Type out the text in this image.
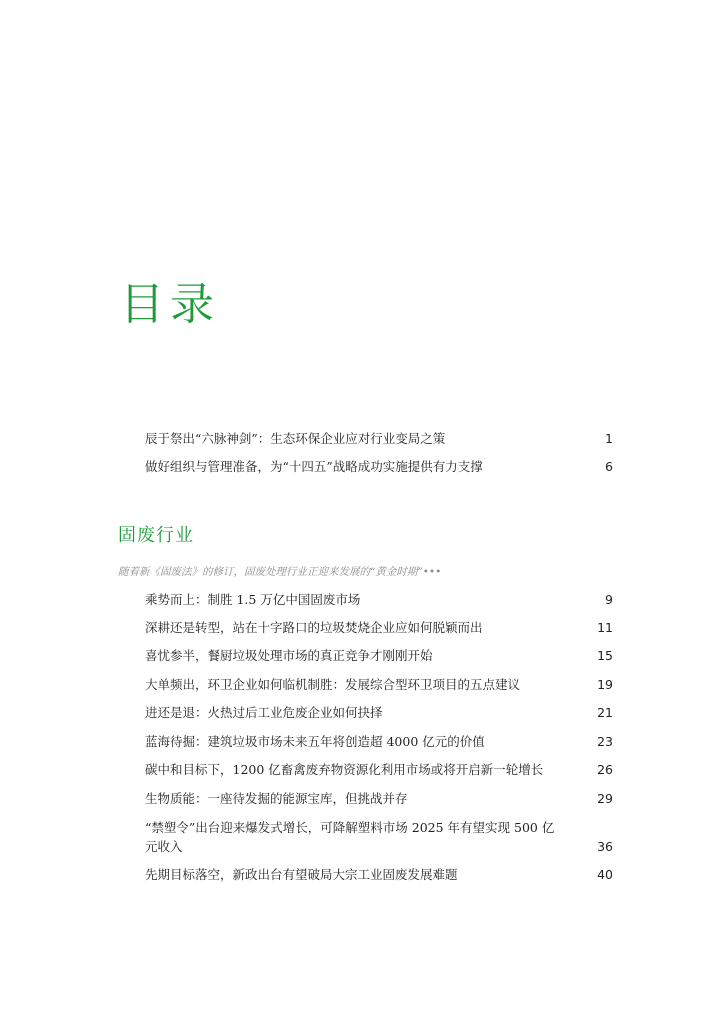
目录
辰于祭出“六脉神剑”：生态环保企业应对行业变局之策	1
做好组织与管理准备，为“十四五”战略成功实施提供有力支撑	6
固废行业
随着新《固废法》的修订，固废处理行业正迎来发展的“黄金时期”•••
乘势而上：制胜 1.5 万亿中国固废市场	9
深耕还是转型，站在十字路口的垃圾焚烧企业应如何脱颖而出	11
喜忧参半，餐厨垃圾处理市场的真正竞争才刚刚开始	15
大单频出，环卫企业如何临机制胜：发展综合型环卫项目的五点建议	19
进还是退：火热过后工业危废企业如何抉择	21
蓝海待掘：建筑垃圾市场未来五年将创造超 4000 亿元的价值	23
碳中和目标下，1200 亿畜禽废弃物资源化利用市场或将开启新一轮增长	26
生物质能：一座待发掘的能源宝库，但挑战并存	29
“禁塑令”出台迎来爆发式增长，可降解塑料市场 2025 年有望实现 500 亿元收入	36
先期目标落空，新政出台有望破局大宗工业固废发展难题	40
